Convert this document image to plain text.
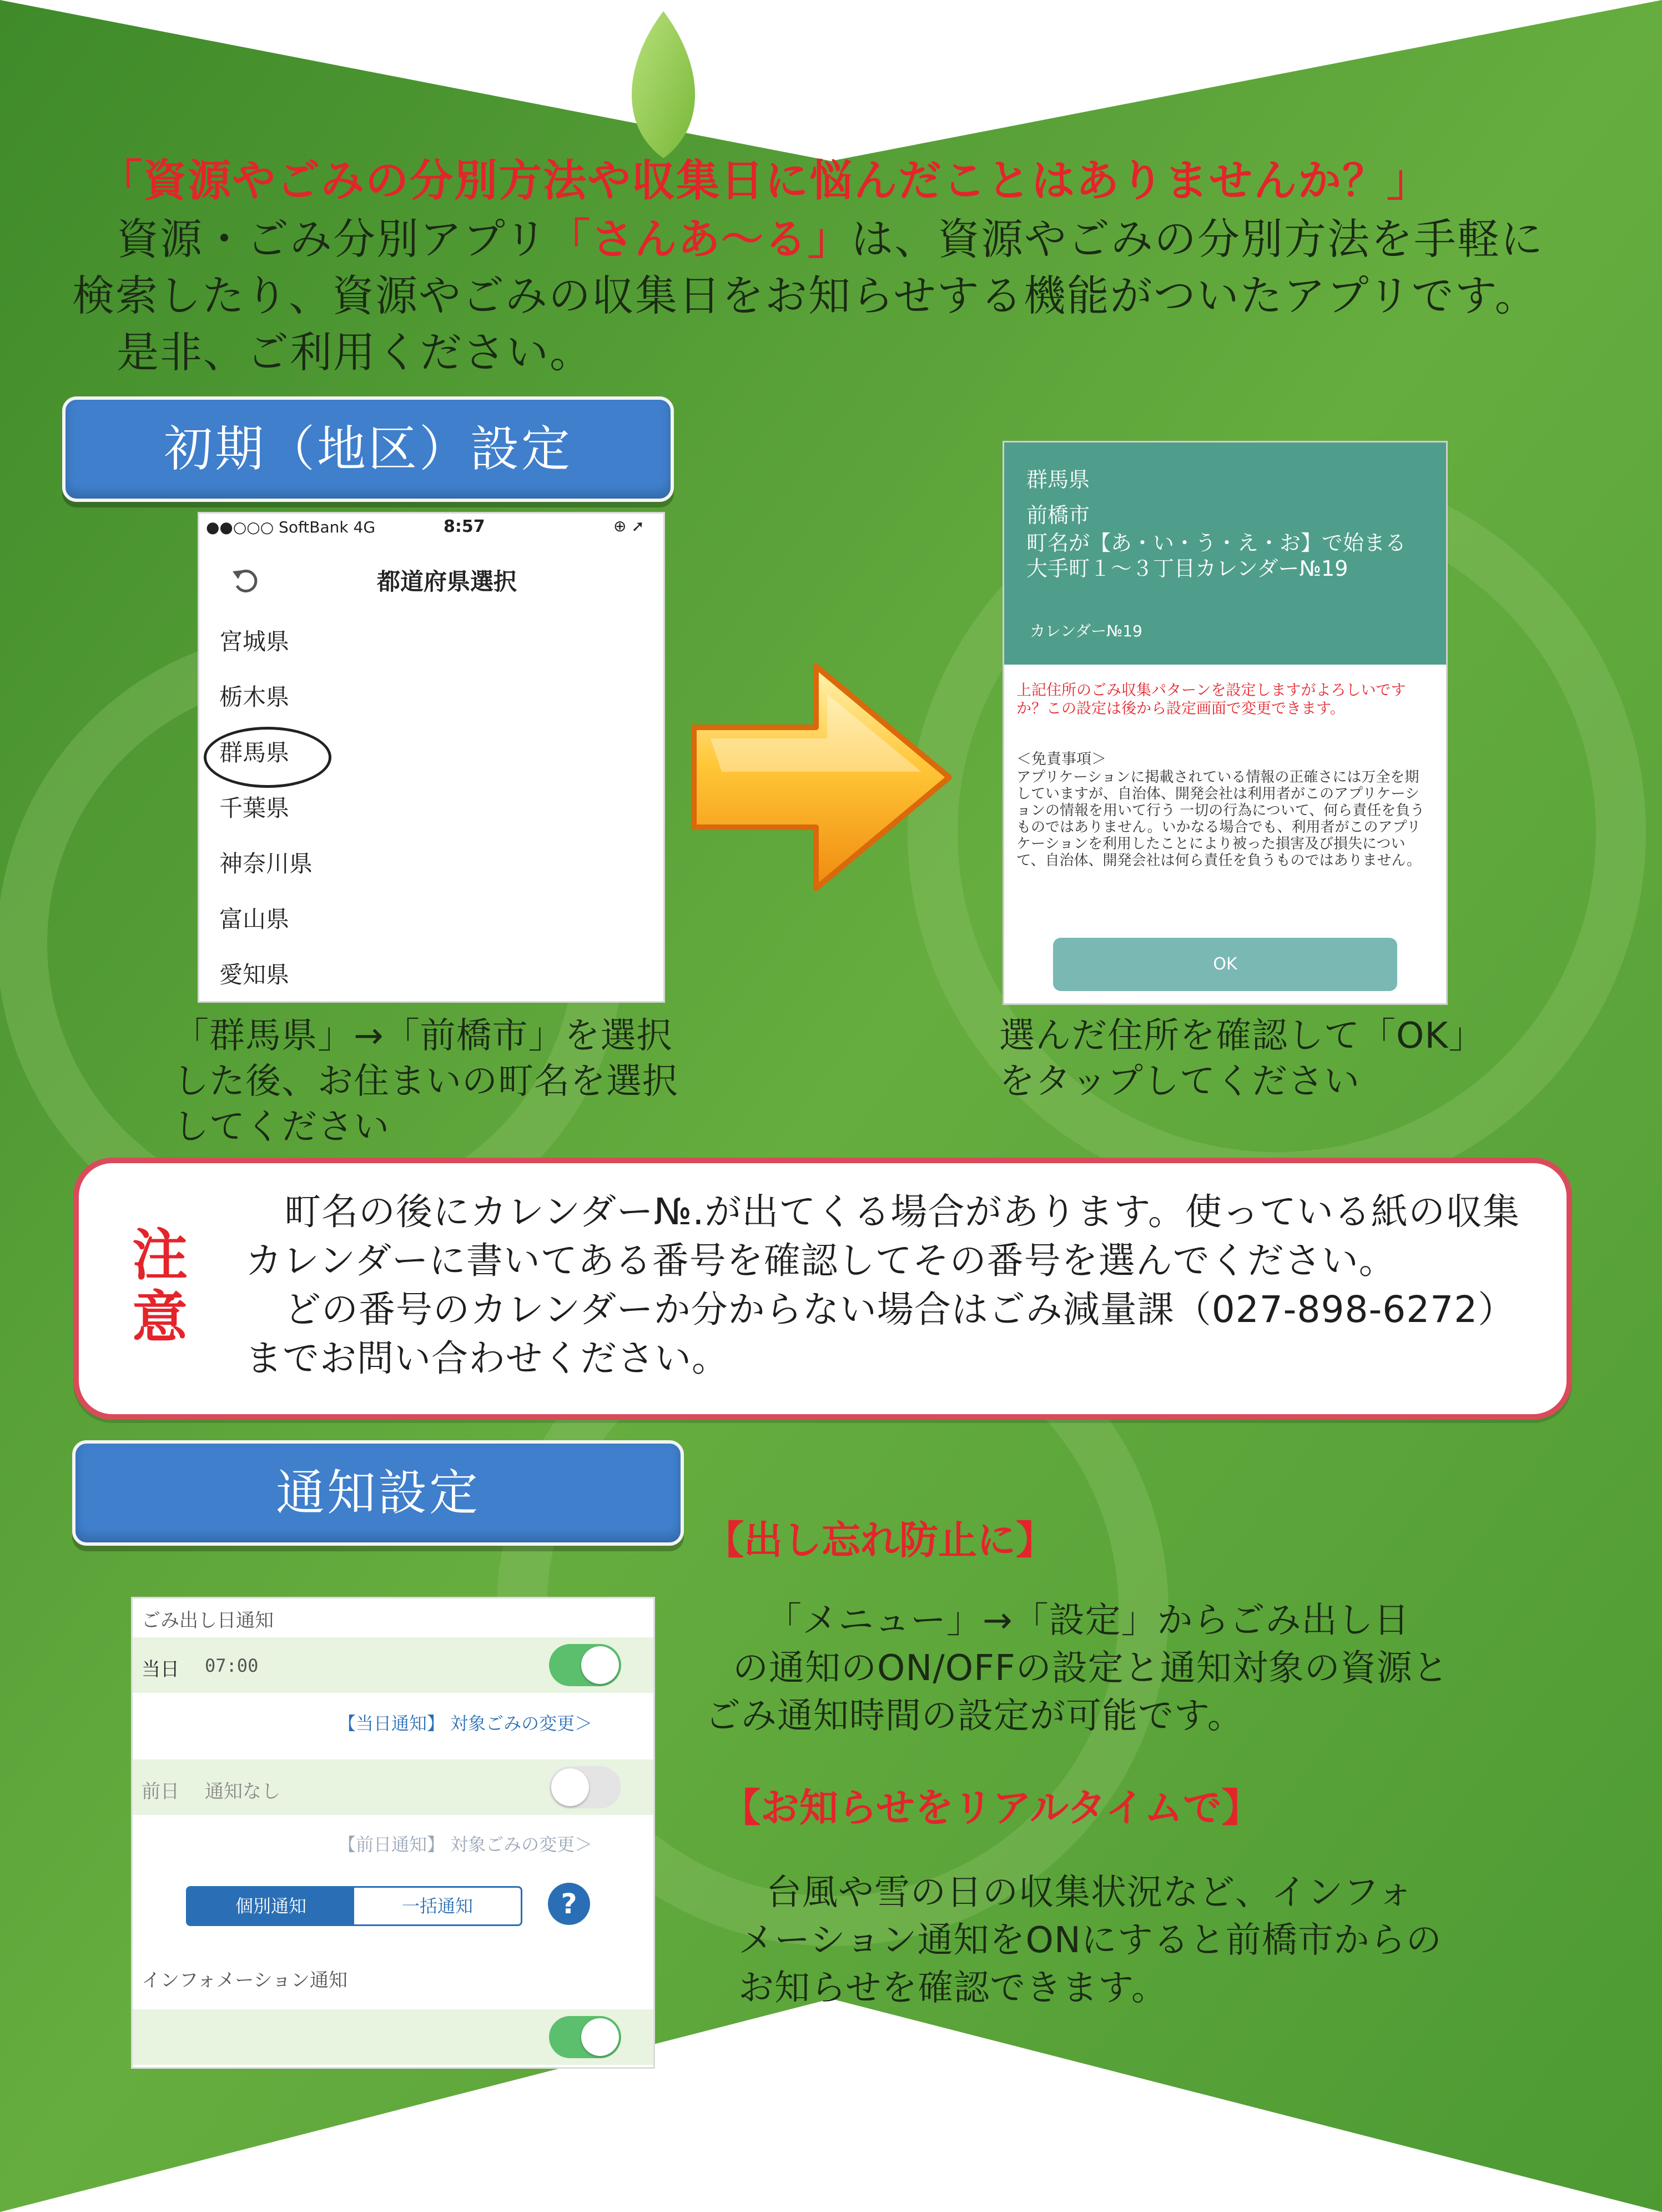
「資源やごみの分別方法や収集日に悩んだことはありませんか？」
資源・ごみ分別アプリ「さんあ〜る」は、資源やごみの分別方法を手軽に
検索したり、資源やごみの収集日をお知らせする機能がついたアプリです。
是非、ご利用ください。
初期（地区）設定
●●○○○ SoftBank 4G	8:57	⊕ ➚
都道府県選択
宮城県
栃木県
群馬県
千葉県
神奈川県
富山県
愛知県
群馬県
前橋市
町名が【あ・い・う・え・お】で始まる大手町１〜３丁目カレンダー№19
カレンダー№19
上記住所のごみ収集パターンを設定しますがよろしいですか？この設定は後から設定画面で変更できます。
＜免責事項＞
アプリケーションに掲載されている情報の正確さには万全を期していますが、自治体、開発会社は利用者がこのアプリケーションの情報を用いて行う 一切の行為について、何ら責任を負うものではありません。いかなる場合でも、利用者がこのアプリケーションを利用したことにより被った損害及び損失について、自治体、開発会社は何ら責任を負うものではありません。
OK
「群馬県」→「前橋市」を選択
した後、お住まいの町名を選択
してください
選んだ住所を確認して「OK」
をタップしてください
注
意
町名の後にカレンダー№.が出てくる場合があります。使っている紙の収集
カレンダーに書いてある番号を確認してその番号を選んでください。
どの番号のカレンダーか分からない場合はごみ減量課（027-898-6272）
までお問い合わせください。
通知設定
ごみ出し日通知
当日 07:00
【当日通知】 対象ごみの変更＞
前日 通知なし
【前日通知】 対象ごみの変更＞
個別通知	一括通知	?
インフォメーション通知
【出し忘れ防止に】
「メニュー」→「設定」からごみ出し日
の通知のON/OFFの設定と通知対象の資源と
ごみ通知時間の設定が可能です。
【お知らせをリアルタイムで】
台風や雪の日の収集状況など、インフォ
メーション通知をONにすると前橋市からの
お知らせを確認できます。
